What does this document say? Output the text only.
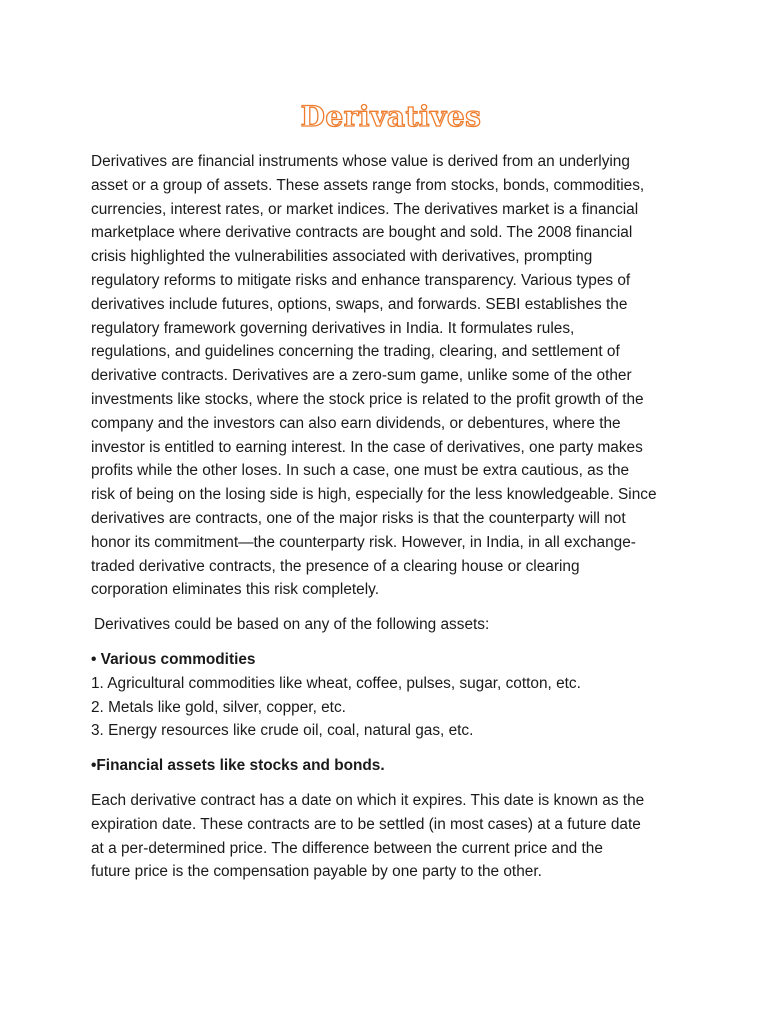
Derivatives

Derivatives are financial instruments whose value is derived from an underlying
asset or a group of assets. These assets range from stocks, bonds, commodities,
currencies, interest rates, or market indices. The derivatives market is a financial
marketplace where derivative contracts are bought and sold. The 2008 financial
crisis highlighted the vulnerabilities associated with derivatives, prompting
regulatory reforms to mitigate risks and enhance transparency. Various types of
derivatives include futures, options, swaps, and forwards. SEBI establishes the
regulatory framework governing derivatives in India. It formulates rules,
regulations, and guidelines concerning the trading, clearing, and settlement of
derivative contracts. Derivatives are a zero-sum game, unlike some of the other
investments like stocks, where the stock price is related to the profit growth of the
company and the investors can also earn dividends, or debentures, where the
investor is entitled to earning interest. In the case of derivatives, one party makes
profits while the other loses. In such a case, one must be extra cautious, as the
risk of being on the losing side is high, especially for the less knowledgeable. Since
derivatives are contracts, one of the major risks is that the counterparty will not
honor its commitment—the counterparty risk. However, in India, in all exchange-
traded derivative contracts, the presence of a clearing house or clearing
corporation eliminates this risk completely.

Derivatives could be based on any of the following assets:

• Various commodities
1. Agricultural commodities like wheat, coffee, pulses, sugar, cotton, etc.
2. Metals like gold, silver, copper, etc.
3. Energy resources like crude oil, coal, natural gas, etc.
•Financial assets like stocks and bonds.

Each derivative contract has a date on which it expires. This date is known as the
expiration date. These contracts are to be settled (in most cases) at a future date
at a per-determined price. The difference between the current price and the
future price is the compensation payable by one party to the other.
